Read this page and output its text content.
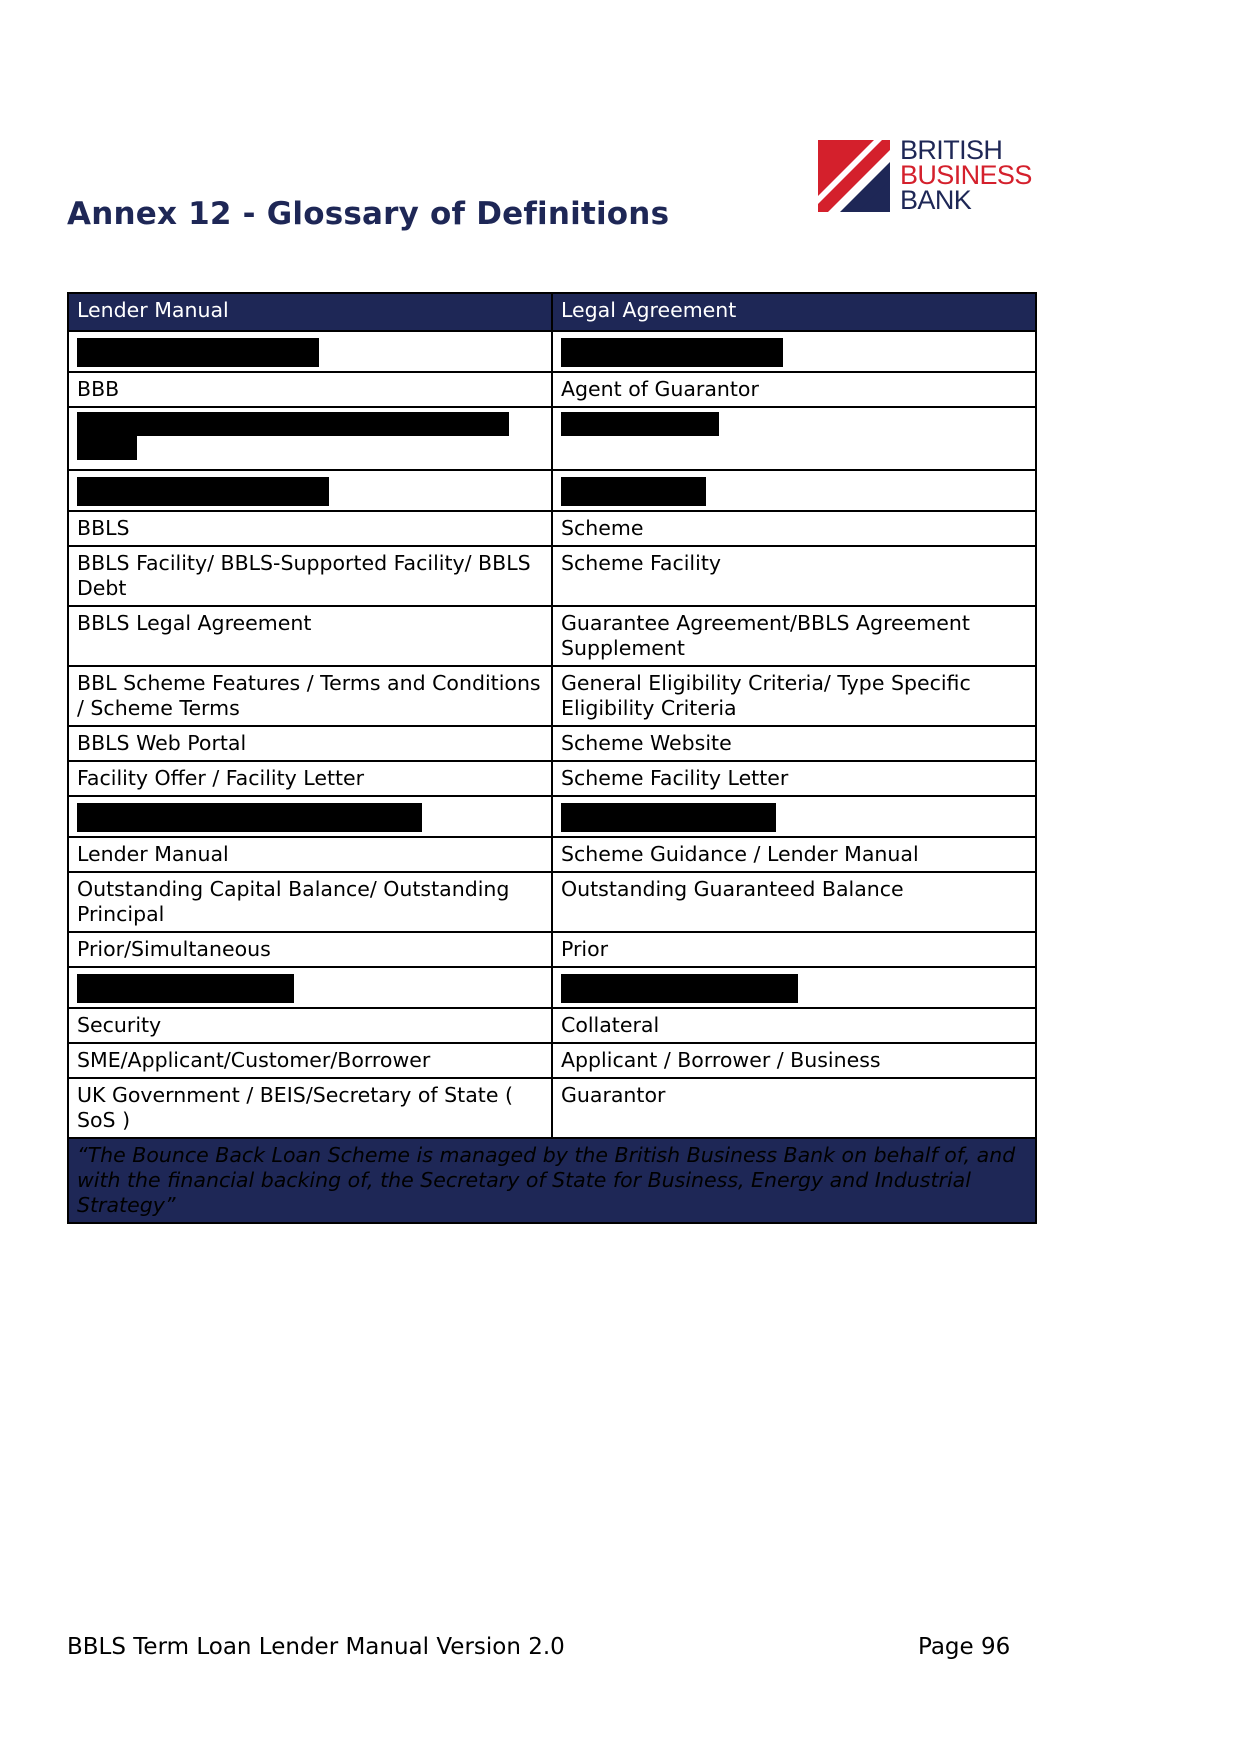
Annex 12 - Glossary of Definitions
BRITISH
BUSINESS
BANK
Lender Manual	Legal Agreement

BBB	Agent of Guarantor

BBLS	Scheme
BBLS Facility/ BBLS-Supported Facility/ BBLS Debt	Scheme Facility
BBLS Legal Agreement	Guarantee Agreement/BBLS Agreement Supplement
BBL Scheme Features / Terms and Conditions / Scheme Terms	General Eligibility Criteria/ Type Specific Eligibility Criteria
BBLS Web Portal	Scheme Website
Facility Offer / Facility Letter	Scheme Facility Letter

Lender Manual	Scheme Guidance / Lender Manual
Outstanding Capital Balance/ Outstanding Principal	Outstanding Guaranteed Balance
Prior/Simultaneous	Prior

Security	Collateral
SME/Applicant/Customer/Borrower	Applicant / Borrower / Business
UK Government / BEIS/Secretary of State ( SoS )	Guarantor
“The Bounce Back Loan Scheme is managed by the British Business Bank on behalf of, and with the financial backing of, the Secretary of State for Business, Energy and Industrial Strategy”	
BBLS Term Loan Lender Manual Version 2.0	Page 96
